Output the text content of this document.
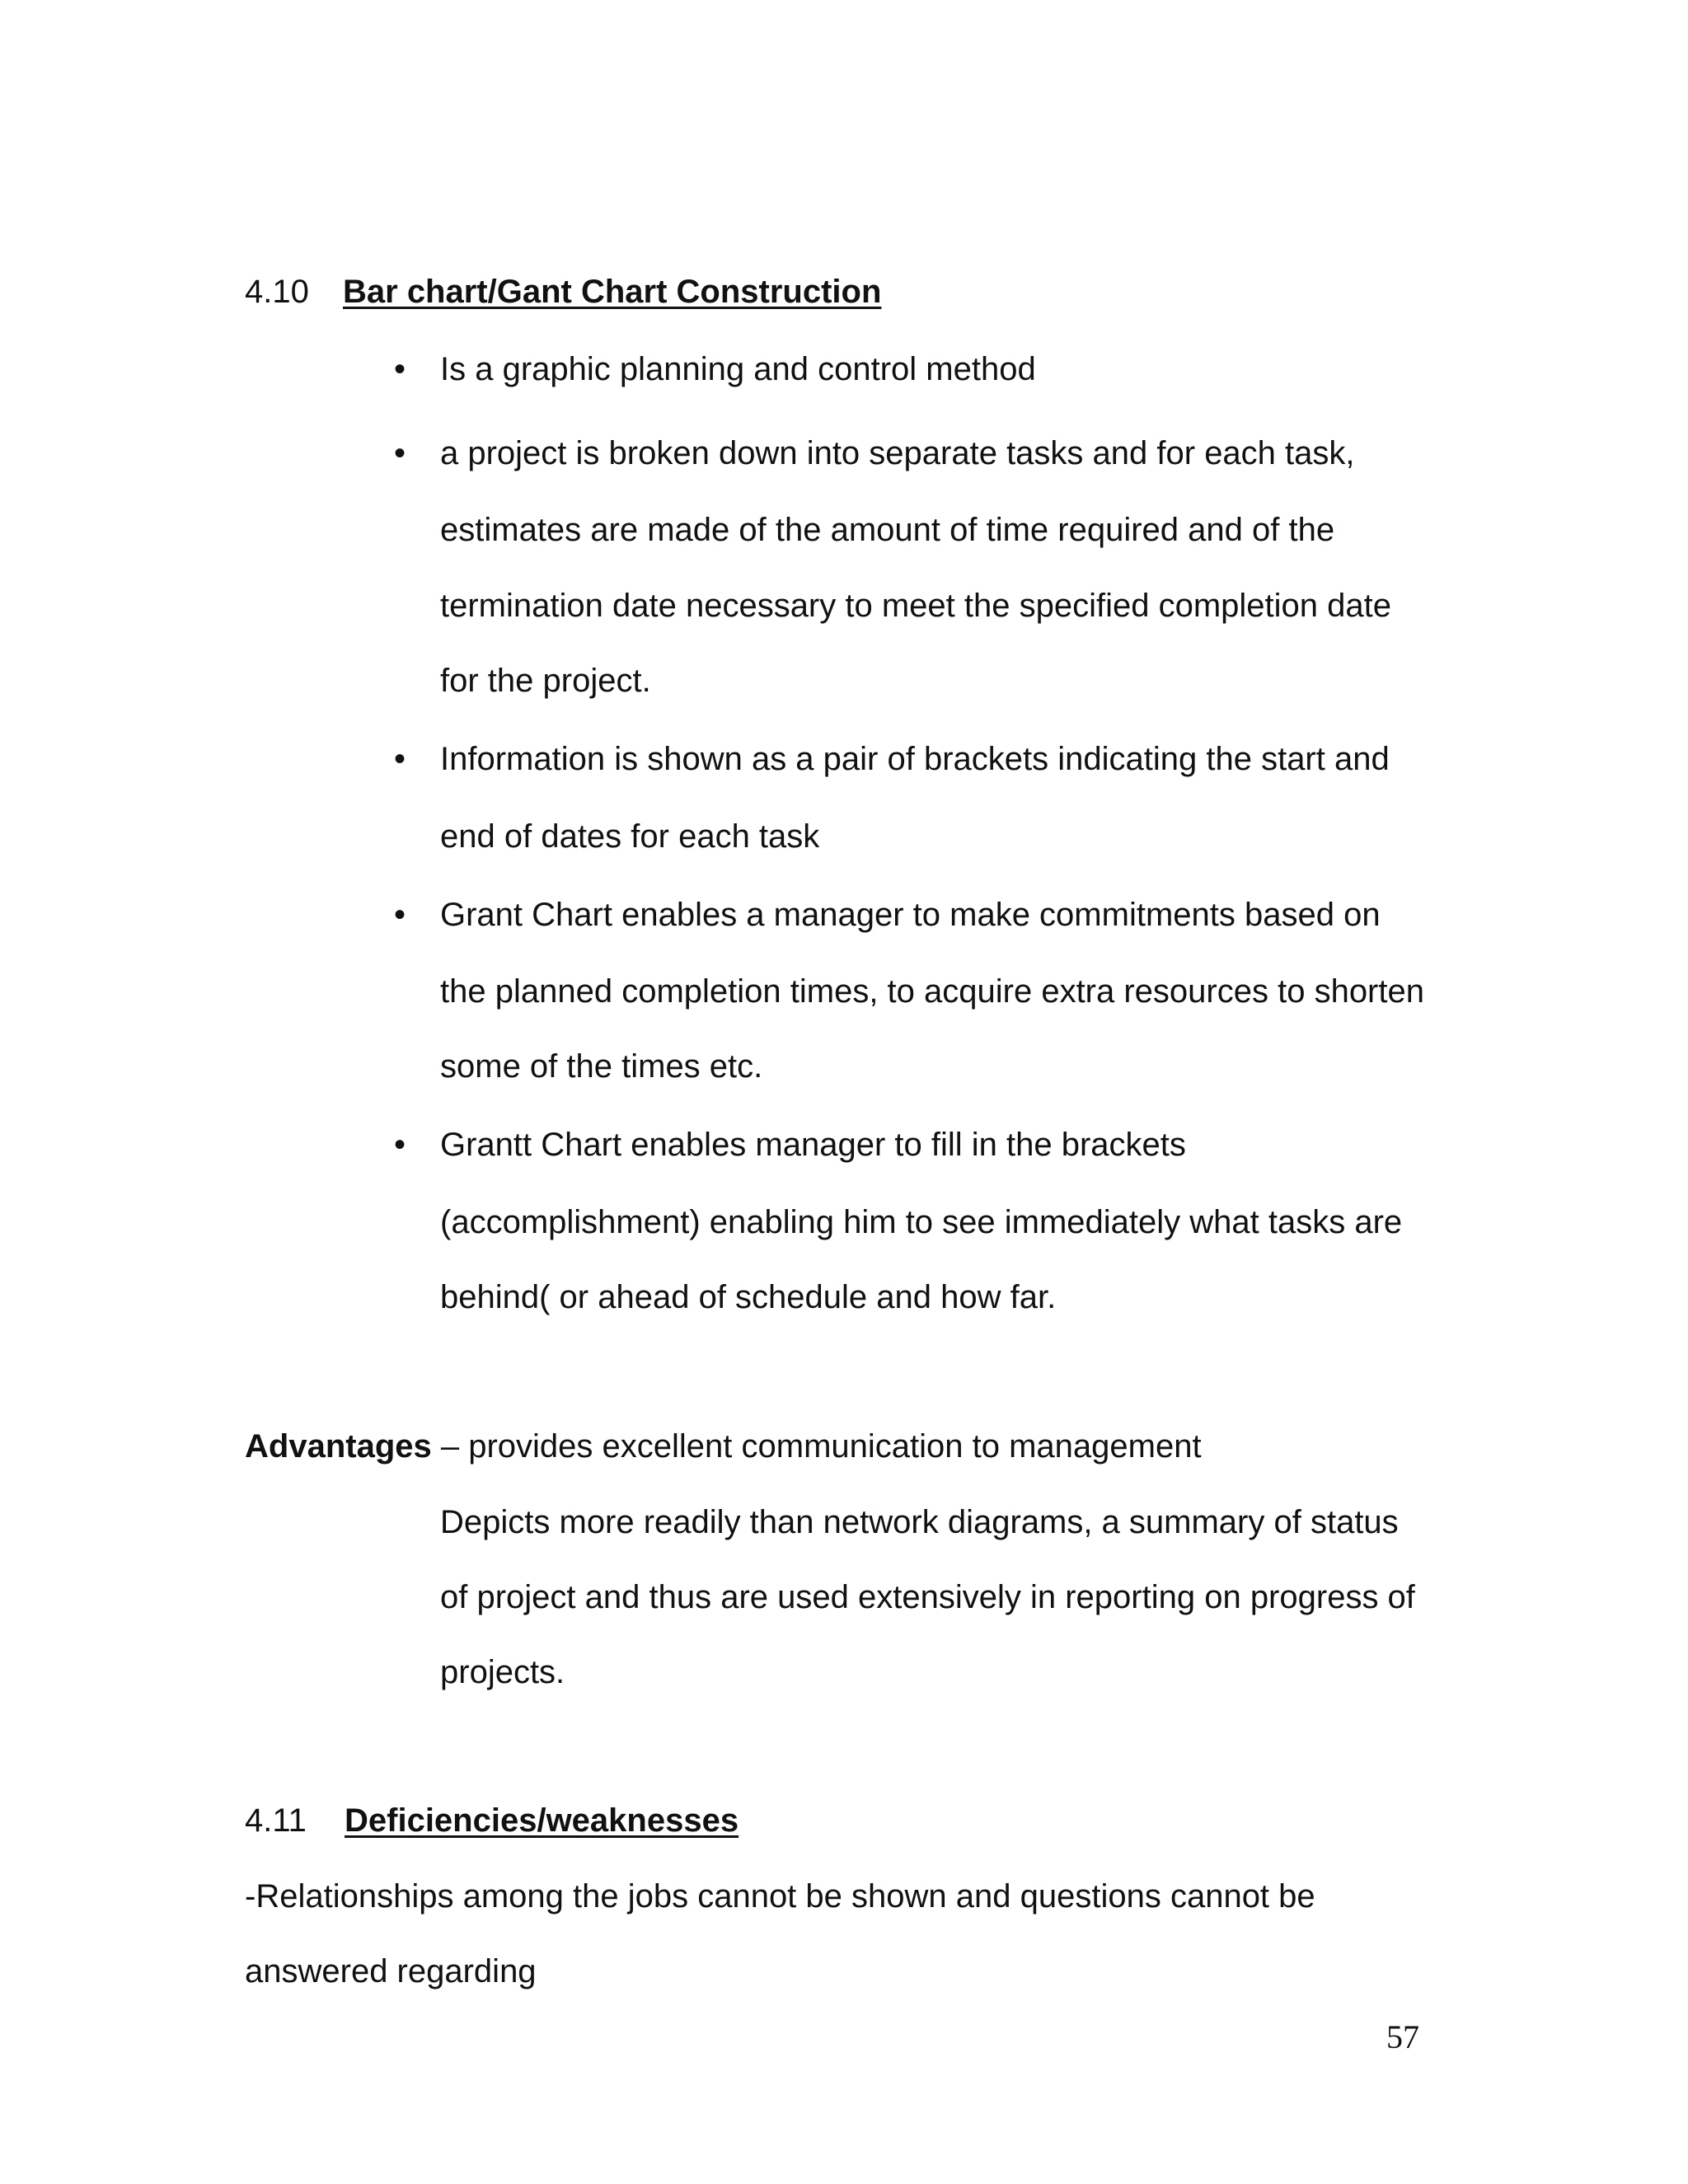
4.10 Bar chart/Gant Chart Construction
• Is a graphic planning and control method
• a project is broken down into separate tasks and for each task,
estimates are made of the amount of time required and of the
termination date necessary to meet the specified completion date
for the project.
• Information is shown as a pair of brackets indicating the start and
end of dates for each task
• Grant Chart enables a manager to make commitments based on
the planned completion times, to acquire extra resources to shorten
some of the times etc.
• Grantt Chart enables manager to fill in the brackets
(accomplishment) enabling him to see immediately what tasks are
behind( or ahead of schedule and how far.
Advantages – provides excellent communication to management
Depicts more readily than network diagrams, a summary of status
of project and thus are used extensively in reporting on progress of
projects.
4.11 Deficiencies/weaknesses
-Relationships among the jobs cannot be shown and questions cannot be
answered regarding
57
